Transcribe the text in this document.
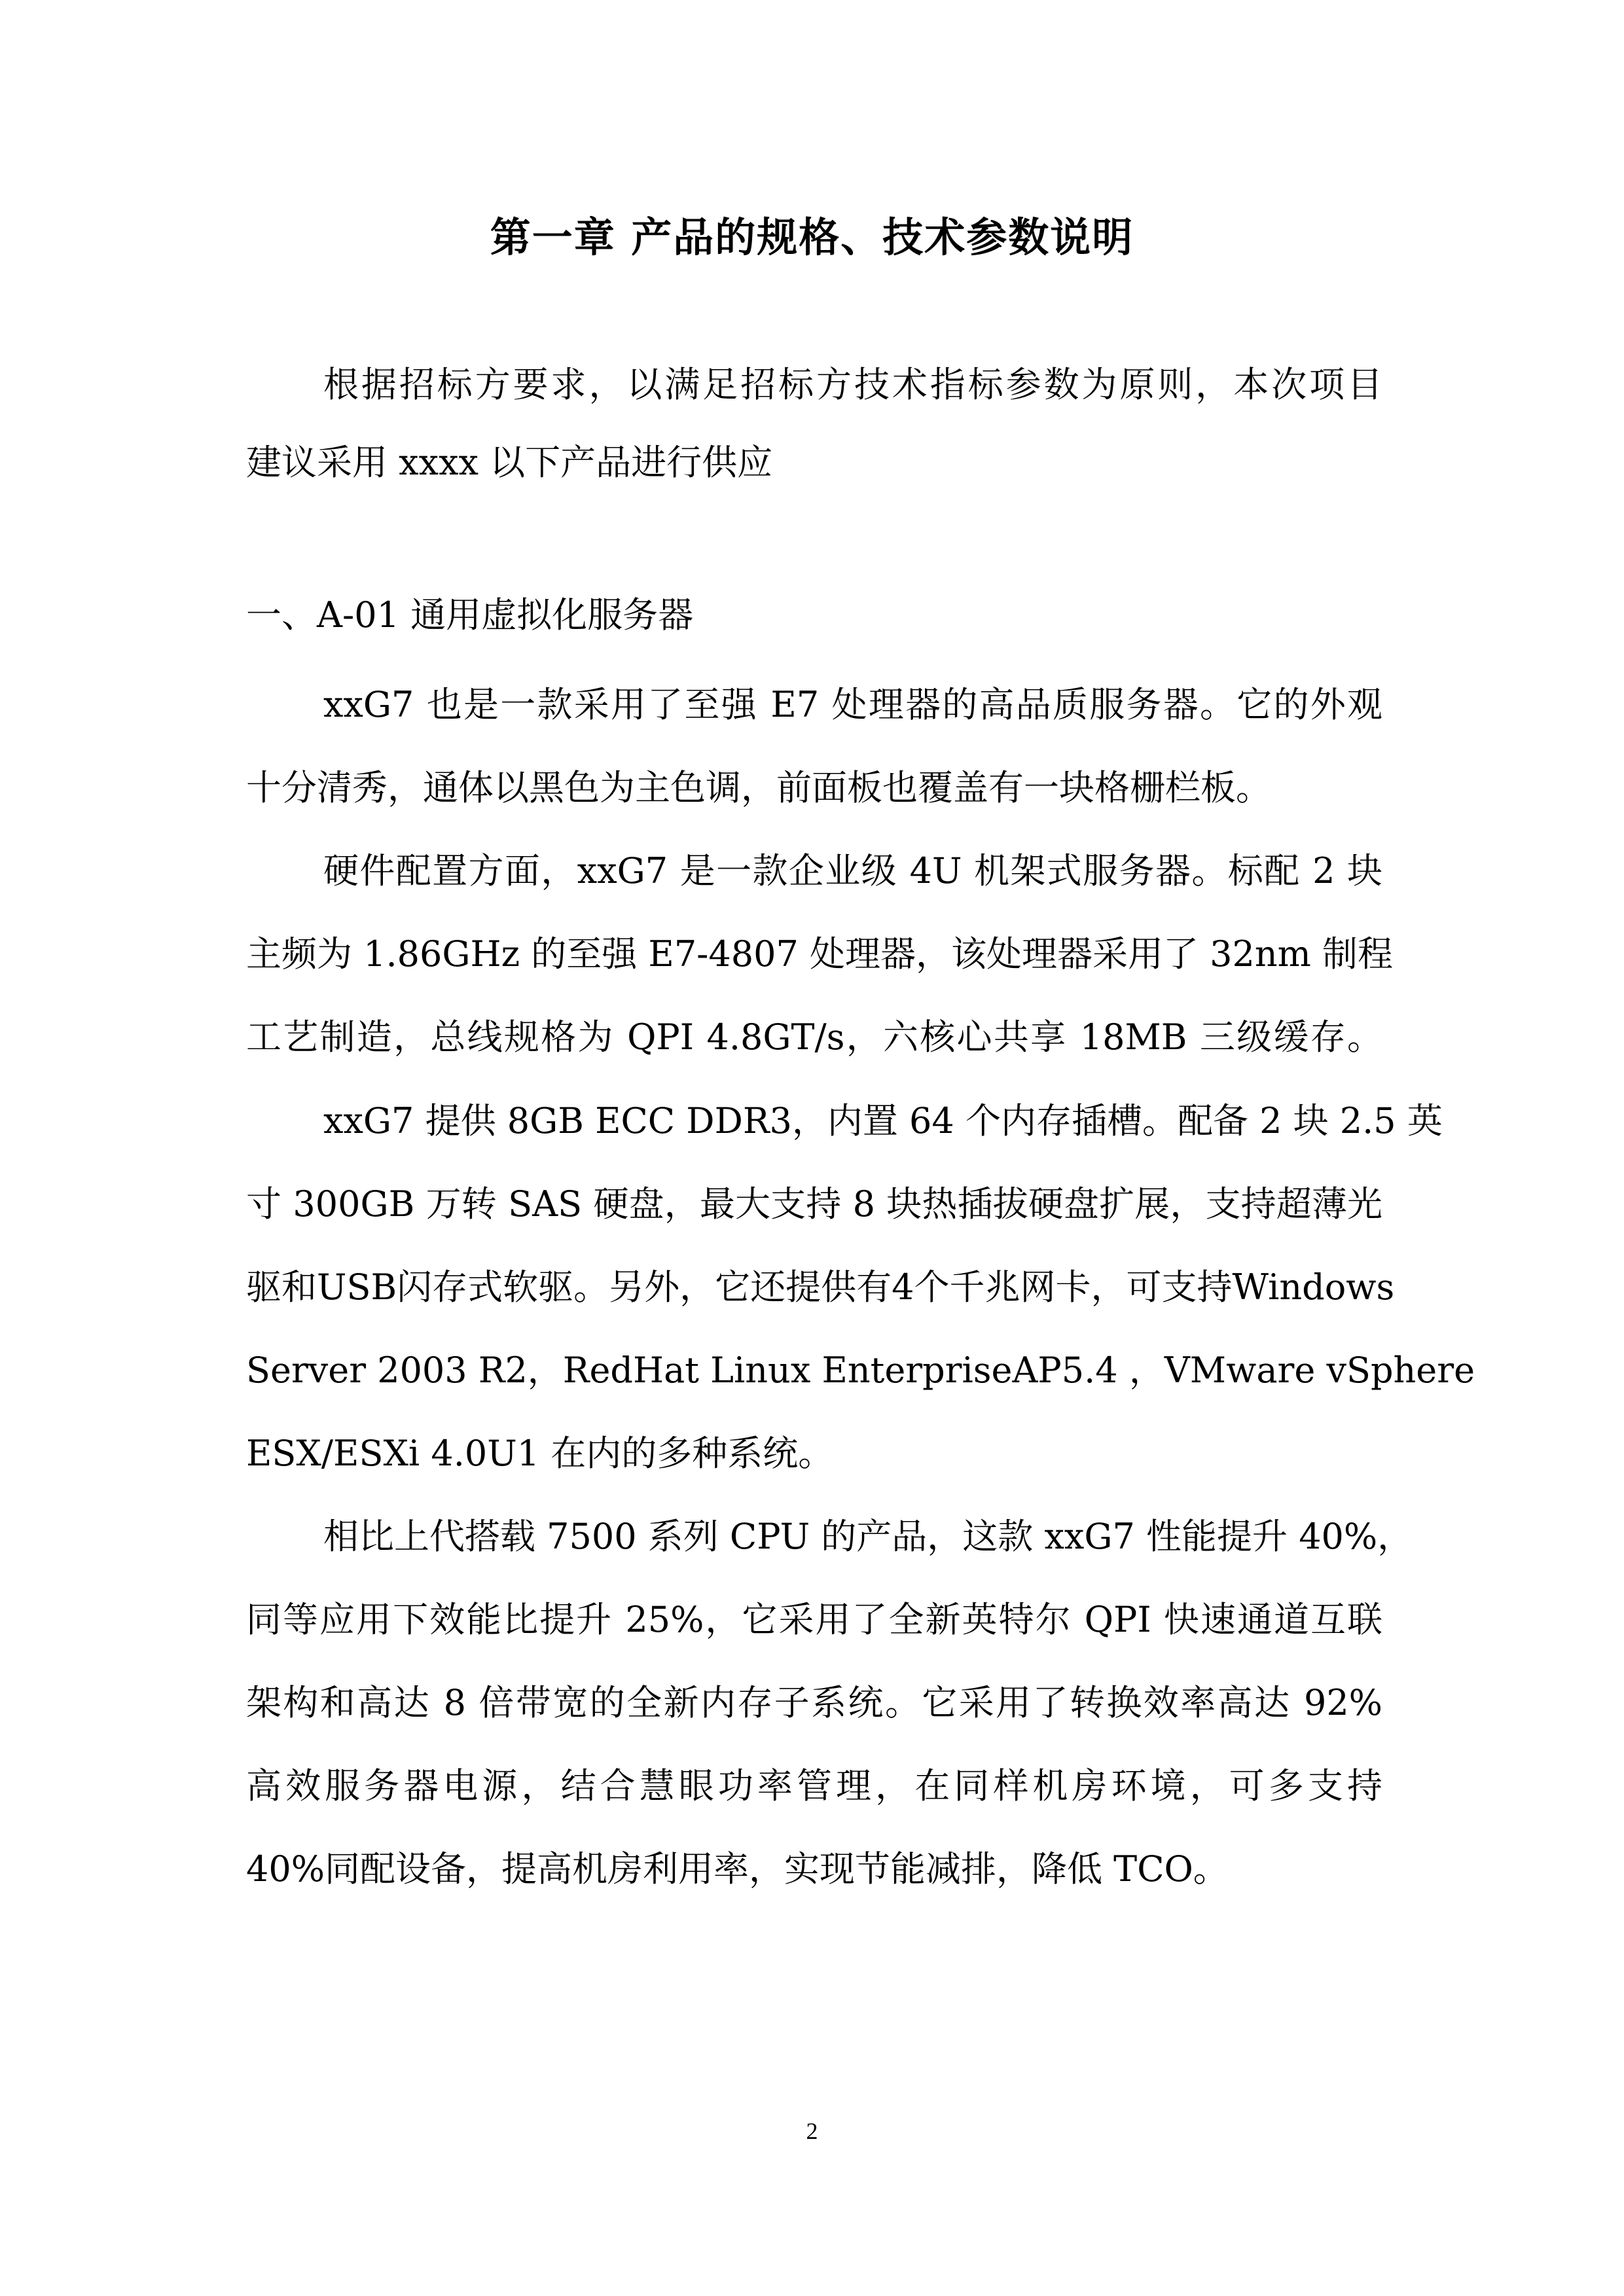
第一章 产品的规格、技术参数说明
根据招标方要求，以满足招标方技术指标参数为原则，本次项目
建议采用 xxxx 以下产品进行供应
一、A-01 通用虚拟化服务器
xxG7 也是一款采用了至强 E7 处理器的高品质服务器。它的外观
十分清秀，通体以黑色为主色调，前面板也覆盖有一块格栅栏板。
硬件配置方面，xxG7 是一款企业级 4U 机架式服务器。标配 2 块
主频为 1.86GHz 的至强 E7-4807 处理器，该处理器采用了 32nm 制程
工艺制造，总线规格为 QPI 4.8GT/s，六核心共享 18MB 三级缓存。
xxG7 提供 8GB ECC DDR3，内置 64 个内存插槽。配备 2 块 2.5 英
寸 300GB 万转 SAS 硬盘，最大支持 8 块热插拔硬盘扩展，支持超薄光
驱和USB闪存式软驱。另外，它还提供有4个千兆网卡，可支持Windows
Server 2003 R2，RedHat Linux EnterpriseAP5.4 ，VMware vSphere
ESX/ESXi 4.0U1 在内的多种系统。
相比上代搭载 7500 系列 CPU 的产品，这款 xxG7 性能提升 40%，
同等应用下效能比提升 25%，它采用了全新英特尔 QPI 快速通道互联
架构和高达 8 倍带宽的全新内存子系统。它采用了转换效率高达 92%
高效服务器电源，结合慧眼功率管理，在同样机房环境，可多支持
40%同配设备，提高机房利用率，实现节能减排，降低 TCO。
2
